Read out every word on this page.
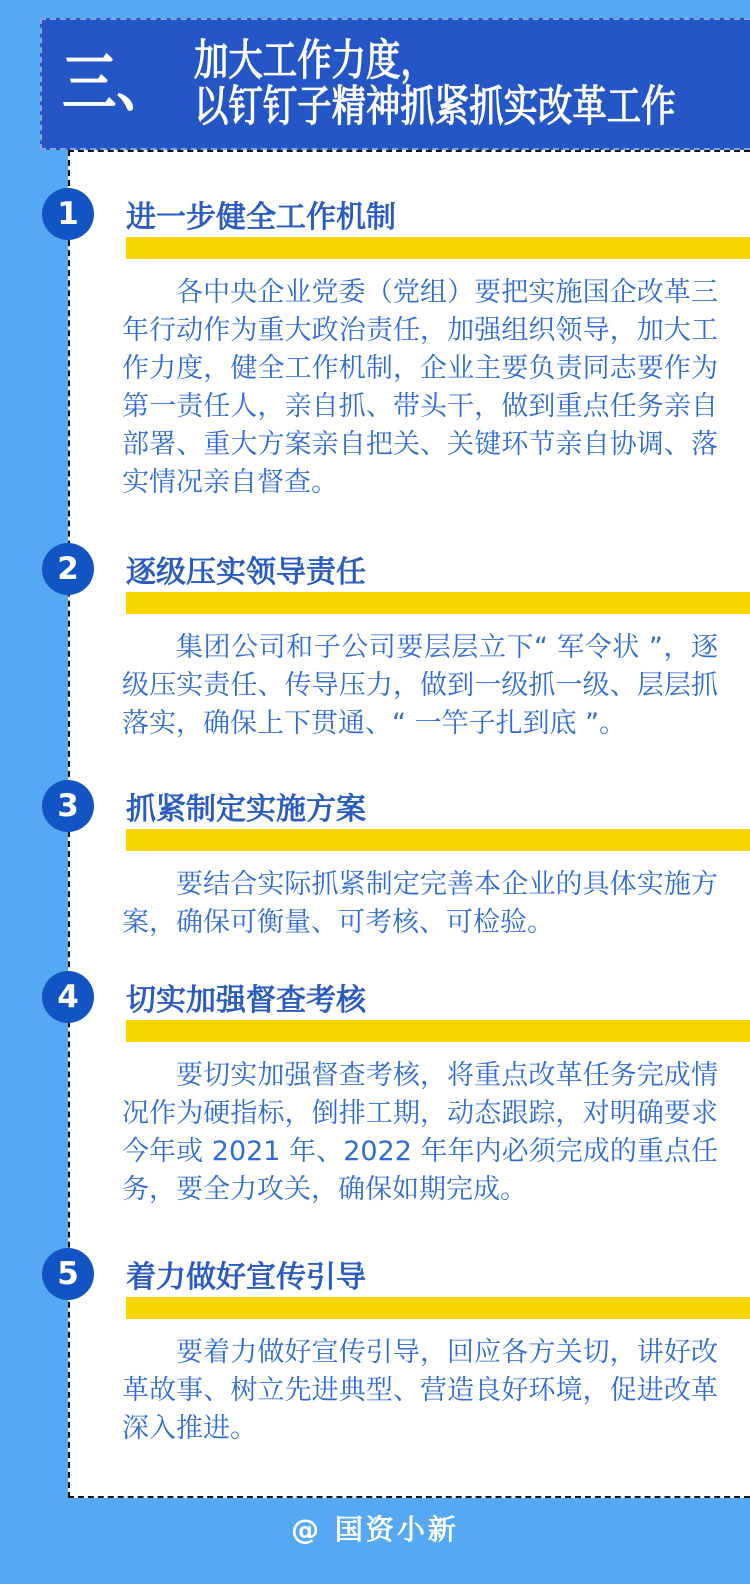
三、 加大工作力度，
以钉钉子精神抓紧抓实改革工作
1 进一步健全工作机制

各中央企业党委（党组）要把实施国企改革三年行动作为重大政治责任，加强组织领导，加大工作力度，健全工作机制，企业主要负责同志要作为第一责任人，亲自抓、带头干，做到重点任务亲自部署、重大方案亲自把关、关键环节亲自协调、落实情况亲自督查。

2 逐级压实领导责任

集团公司和子公司要层层立下“ 军令状 ”，逐级压实责任、传导压力，做到一级抓一级、层层抓落实，确保上下贯通、“ 一竿子扎到底 ”。

3 抓紧制定实施方案

要结合实际抓紧制定完善本企业的具体实施方案，确保可衡量、可考核、可检验。

4 切实加强督查考核

要切实加强督查考核，将重点改革任务完成情况作为硬指标，倒排工期，动态跟踪，对明确要求今年或 2021 年、2022 年年内必须完成的重点任务，要全力攻关，确保如期完成。

5 着力做好宣传引导

要着力做好宣传引导，回应各方关切，讲好改革故事、树立先进典型、营造良好环境，促进改革深入推进。

@ 国资小新
